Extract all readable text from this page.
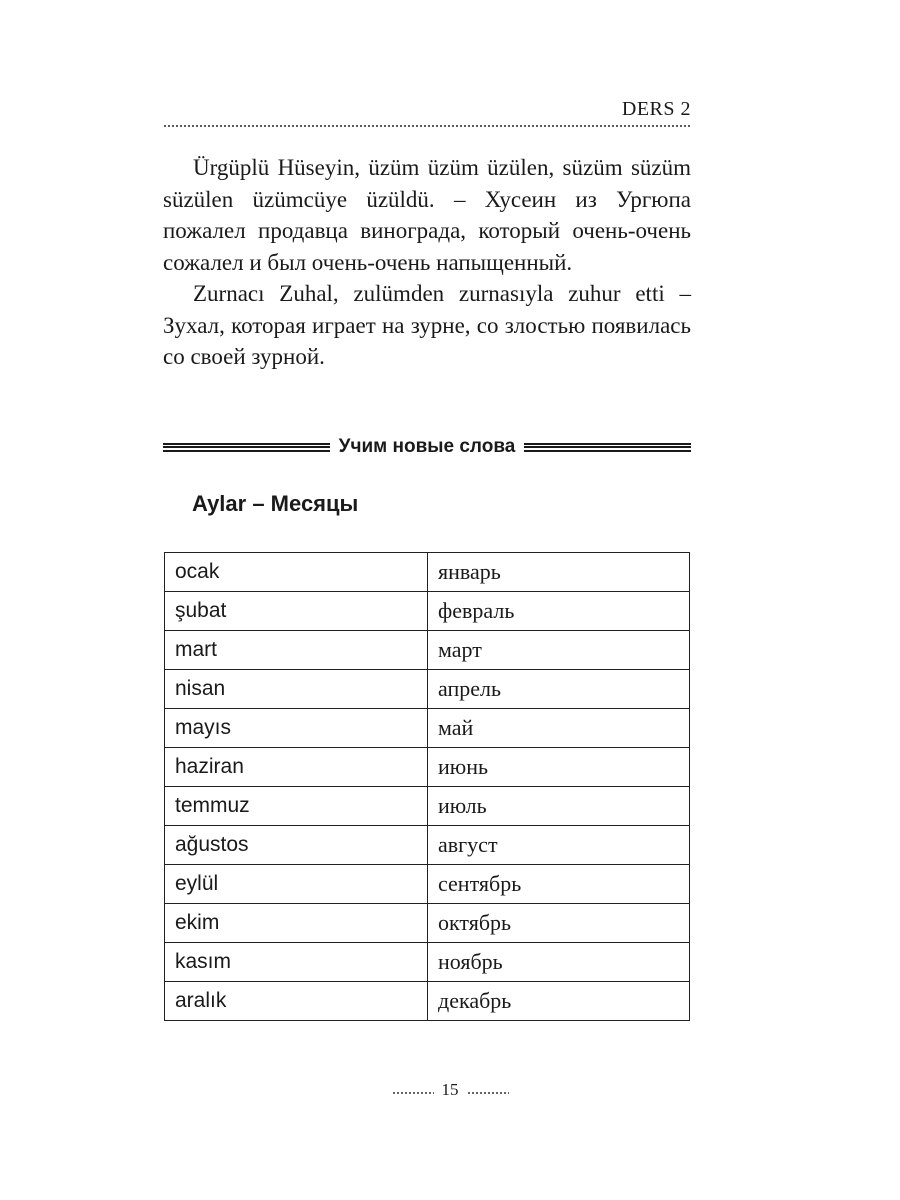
DERS 2

Ürgüplü Hüseyin, üzüm üzüm üzülen, süzüm süzüm süzülen üzümcüye üzüldü. – Хусеин из Ургюпа пожалел продавца винограда, который очень-очень сожалел и был очень-очень напыщенный.

Zurnacı Zuhal, zulümden zurnasıyla zuhur etti – Зухал, которая играет на зурне, со злостью появилась со своей зурной.

Учим новые слова
Aylar – Месяцы
ocak	январь
şubat	февраль
mart	март
nisan	апрель
mayıs	май
haziran	июнь
temmuz	июль
ağustos	август
eylül	сентябрь
ekim	октябрь
kasım	ноябрь
aralık	декабрь
15
